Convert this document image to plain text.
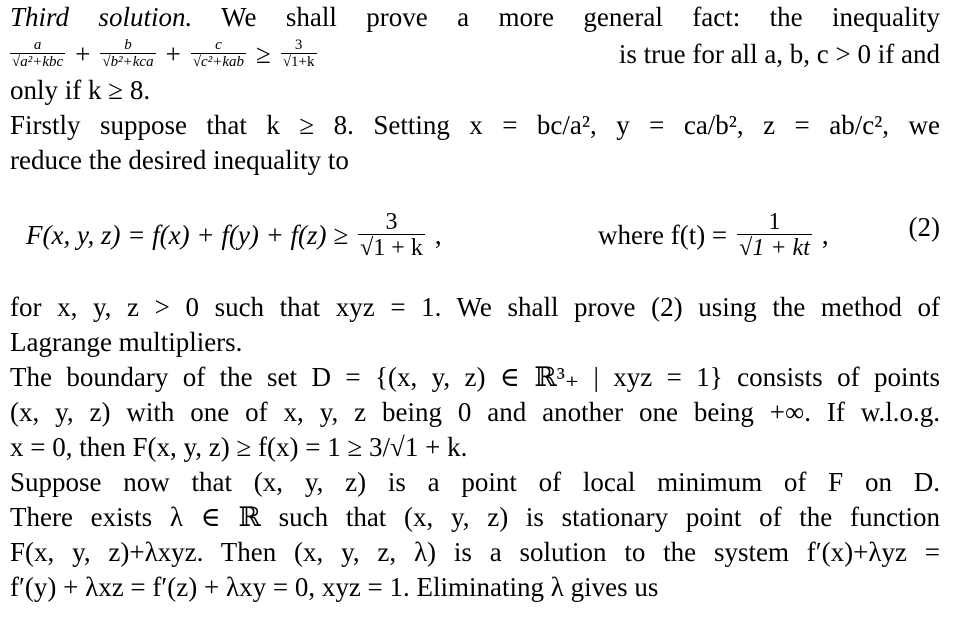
Third solution. We shall prove a more general fact: the inequality
$\frac{a}{\text{√a²+kbc}} + \frac{b}{\text{√b²+kca}} + \frac{c}{\text{√c²+kab}} \ge \frac{3}{√1+k}$	is true for all a, b, c > 0 if and
only if k ≥ 8.
Firstly suppose that k ≥ 8. Setting x = bc/a², y = ca/b², z = ab/c², we
reduce the desired inequality to
F(x, y, $z) = f(x) + f(y) + f(z) \ge \frac{3}{√1 + k}$ ,	where $f(t) = \frac{1}{√1 + kt}$ ,	(2)
for x, y, z > 0 such that xyz = 1. We shall prove (2) using the method of
Lagrange multipliers.
The boundary of the set D = {(x, y, z) ∈ ℝ³₊ | xyz = 1} consists of points
(x, y, z) with one of x, y, z being 0 and another one being +∞. If w.l.o.g.
x = 0, then F(x, y, z) ≥ f(x) = 1 ≥ 3/√1 + k.
Suppose now that (x, y, z) is a point of local minimum of F on D.
There exists λ ∈ ℝ such that (x, y, z) is stationary point of the function
F(x, y, z)+λxyz. Then (x, y, z, λ) is a solution to the system f′(x)+λyz =
f′(y) + λxz = f′(z) + λxy = 0, xyz = 1. Eliminating λ gives us
